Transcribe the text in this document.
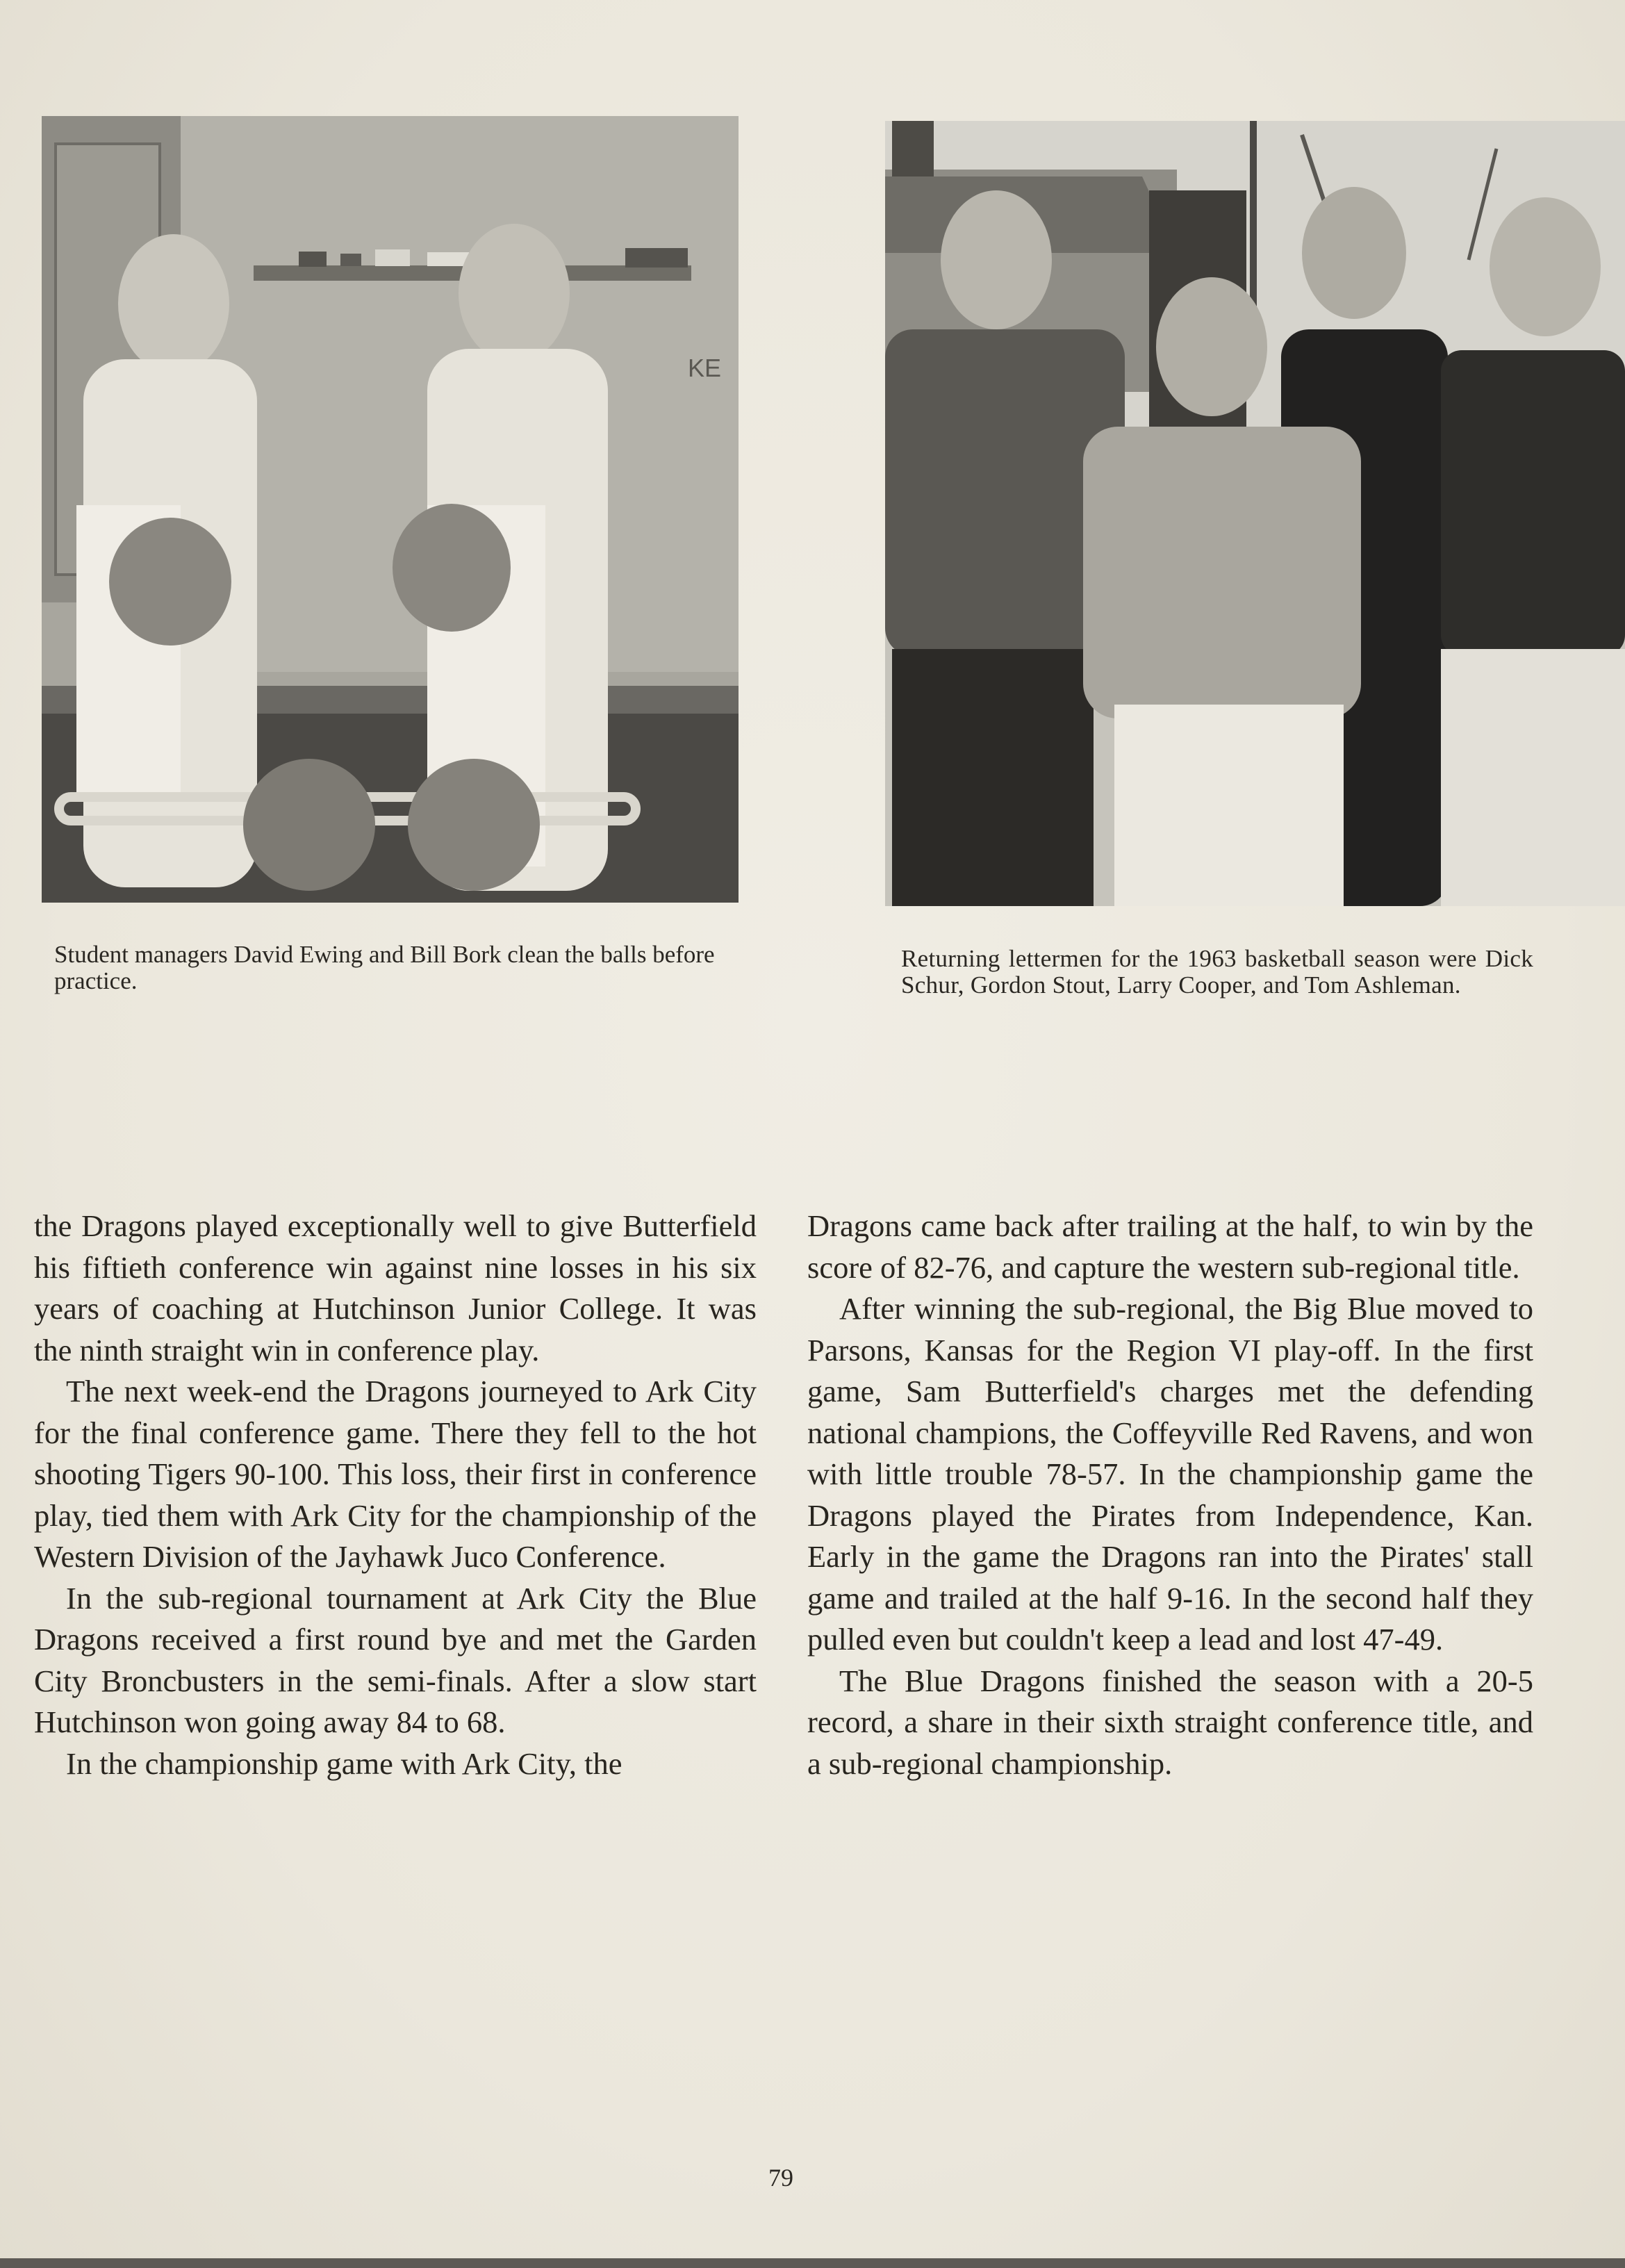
KE
Student managers David Ewing and Bill Bork clean the balls before practice.
Returning lettermen for the 1963 basketball season were Dick Schur, Gordon Stout, Larry Cooper, and Tom Ashleman.

the Dragons played exceptionally well to give Butterfield his fiftieth conference win against nine losses in his six years of coaching at Hutchinson Junior College. It was the ninth straight win in conference play.

The next week-end the Dragons journeyed to Ark City for the final conference game. There they fell to the hot shooting Tigers 90-100. This loss, their first in conference play, tied them with Ark City for the championship of the Western Division of the Jayhawk Juco Conference.

In the sub-regional tournament at Ark City the Blue Dragons received a first round bye and met the Garden City Broncbusters in the semi-finals. After a slow start Hutchinson won going away 84 to 68.

In the championship game with Ark City, the

Dragons came back after trailing at the half, to win by the score of 82-76, and capture the western sub-regional title.

After winning the sub-regional, the Big Blue moved to Parsons, Kansas for the Region VI play-off. In the first game, Sam Butterfield's charges met the defending national champions, the Coffeyville Red Ravens, and won with little trouble 78-57. In the championship game the Dragons played the Pirates from Independence, Kan. Early in the game the Dragons ran into the Pirates' stall game and trailed at the half 9-16. In the second half they pulled even but couldn't keep a lead and lost 47-49.

The Blue Dragons finished the season with a 20-5 record, a share in their sixth straight conference title, and a sub-regional championship.

79
